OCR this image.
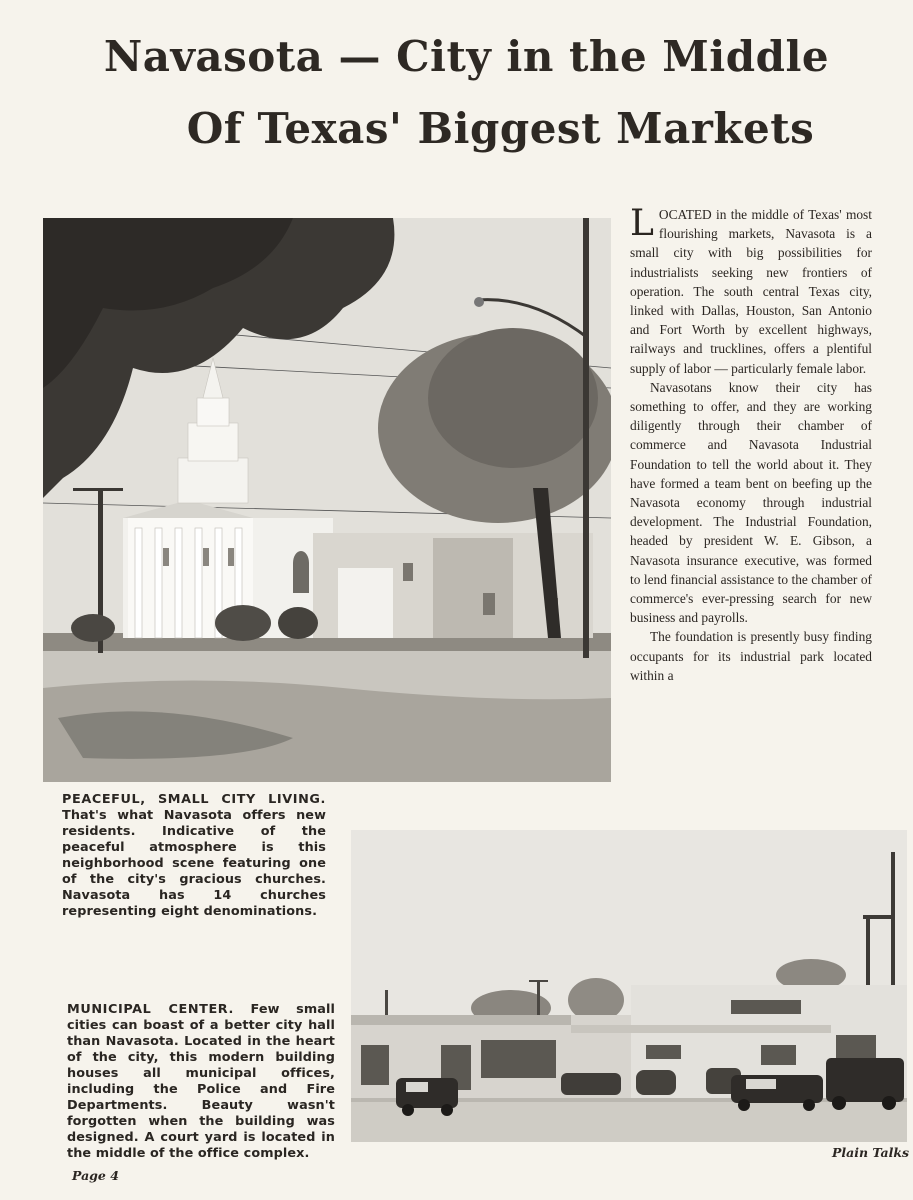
Navasota — City in the Middle
Of Texas' Biggest Markets

LOCATED in the middle of Texas' most flourishing markets, Navasota is a small city with big possibilities for industrialists seeking new frontiers of operation. The south central Texas city, linked with Dallas, Houston, San Antonio and Fort Worth by excellent highways, railways and trucklines, offers a plentiful supply of labor — particularly female labor.

Navasotans know their city has something to offer, and they are working diligently through their chamber of commerce and Navasota Industrial Foundation to tell the world about it. They have formed a team bent on beefing up the Navasota economy through industrial development. The Industrial Foundation, headed by president W. E. Gibson, a Navasota insurance executive, was formed to lend financial assistance to the chamber of commerce's ever-pressing search for new business and payrolls.

The foundation is presently busy finding occupants for its industrial park located within a

PEACEFUL, SMALL CITY LIVING. That's what Navasota offers new residents. Indicative of the peaceful atmosphere is this neighborhood scene featuring one of the city's gracious churches. Navasota has 14 churches representing eight denominations.
MUNICIPAL CENTER. Few small cities can boast of a better city hall than Navasota. Located in the heart of the city, this modern building houses all municipal offices, including the Police and Fire Departments. Beauty wasn't forgotten when the building was designed. A court yard is located in the middle of the office complex.
Page 4
Plain Talks
